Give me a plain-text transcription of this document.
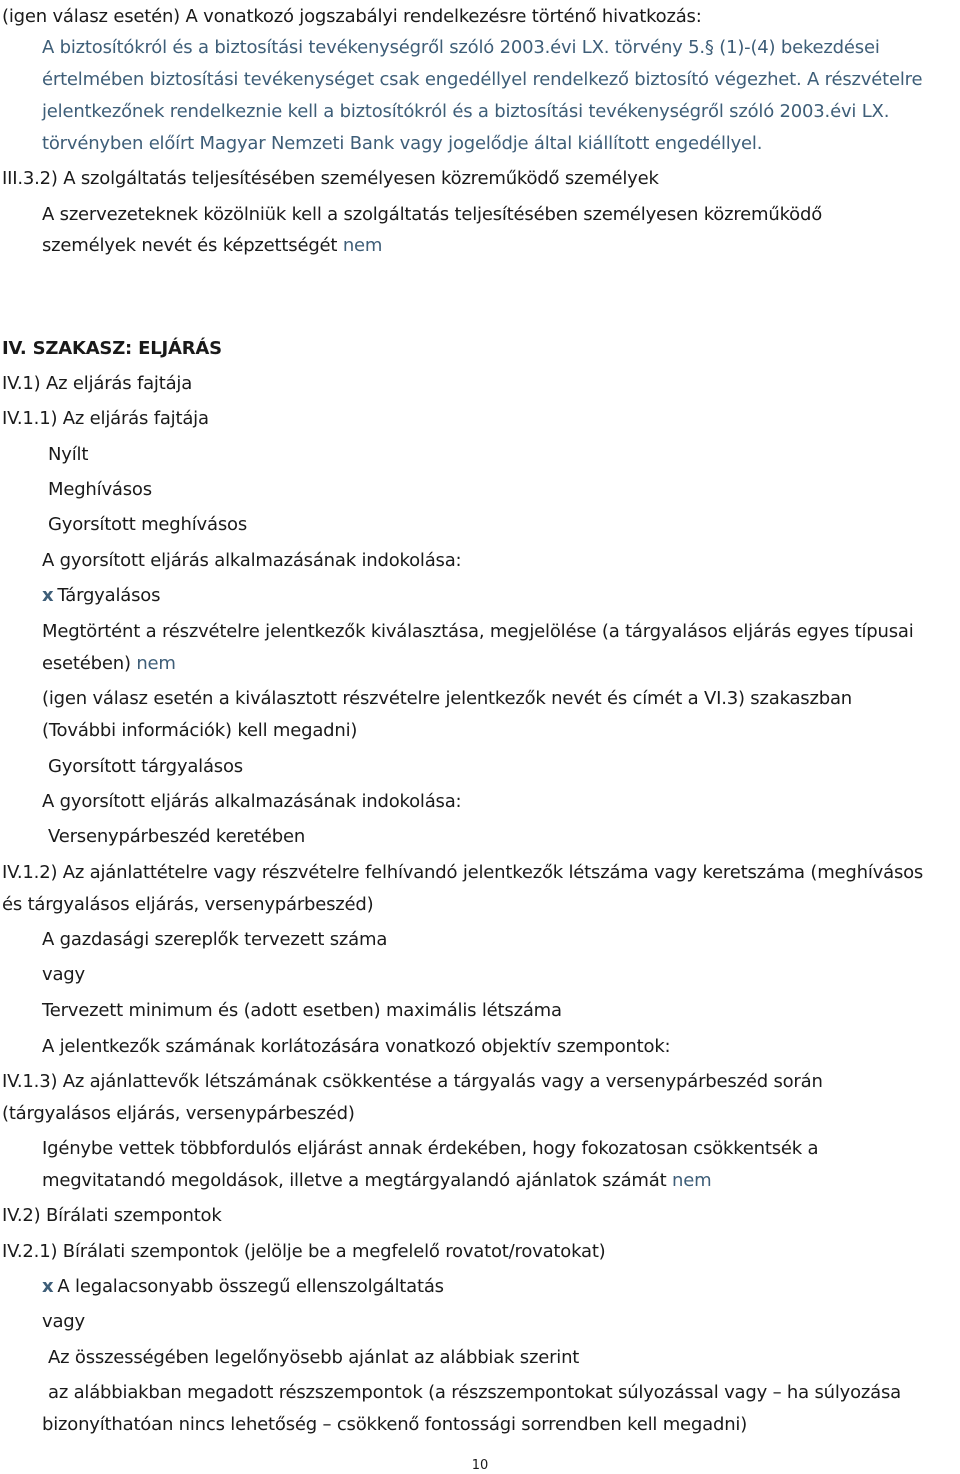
(igen válasz esetén) A vonatkozó jogszabályi rendelkezésre történő hivatkozás:
A biztosítókról és a biztosítási tevékenységről szóló 2003.évi LX. törvény 5.§ (1)-(4) bekezdései
értelmében biztosítási tevékenységet csak engedéllyel rendelkező biztosító végezhet. A részvételre
jelentkezőnek rendelkeznie kell a biztosítókról és a biztosítási tevékenységről szóló 2003.évi LX.
törvényben előírt Magyar Nemzeti Bank vagy jogelődje által kiállított engedéllyel.
III.3.2) A szolgáltatás teljesítésében személyesen közreműködő személyek
A szervezeteknek közölniük kell a szolgáltatás teljesítésében személyesen közreműködő
személyek nevét és képzettségét nem
IV. SZAKASZ: ELJÁRÁS
IV.1) Az eljárás fajtája
IV.1.1) Az eljárás fajtája
Nyílt
Meghívásos
Gyorsított meghívásos
A gyorsított eljárás alkalmazásának indokolása:
x Tárgyalásos
Megtörtént a részvételre jelentkezők kiválasztása, megjelölése (a tárgyalásos eljárás egyes típusai
esetében) nem
(igen válasz esetén a kiválasztott részvételre jelentkezők nevét és címét a VI.3) szakaszban
(További információk) kell megadni)
Gyorsított tárgyalásos
A gyorsított eljárás alkalmazásának indokolása:
Versenypárbeszéd keretében
IV.1.2) Az ajánlattételre vagy részvételre felhívandó jelentkezők létszáma vagy keretszáma (meghívásos
és tárgyalásos eljárás, versenypárbeszéd)
A gazdasági szereplők tervezett száma
vagy
Tervezett minimum és (adott esetben) maximális létszáma
A jelentkezők számának korlátozására vonatkozó objektív szempontok:
IV.1.3) Az ajánlattevők létszámának csökkentése a tárgyalás vagy a versenypárbeszéd során
(tárgyalásos eljárás, versenypárbeszéd)
Igénybe vettek többfordulós eljárást annak érdekében, hogy fokozatosan csökkentsék a
megvitatandó megoldások, illetve a megtárgyalandó ajánlatok számát nem
IV.2) Bírálati szempontok
IV.2.1) Bírálati szempontok (jelölje be a megfelelő rovatot/rovatokat)
x A legalacsonyabb összegű ellenszolgáltatás
vagy
Az összességében legelőnyösebb ajánlat az alábbiak szerint
az alábbiakban megadott részszempontok (a részszempontokat súlyozással vagy – ha súlyozása
bizonyíthatóan nincs lehetőség – csökkenő fontossági sorrendben kell megadni)
10
